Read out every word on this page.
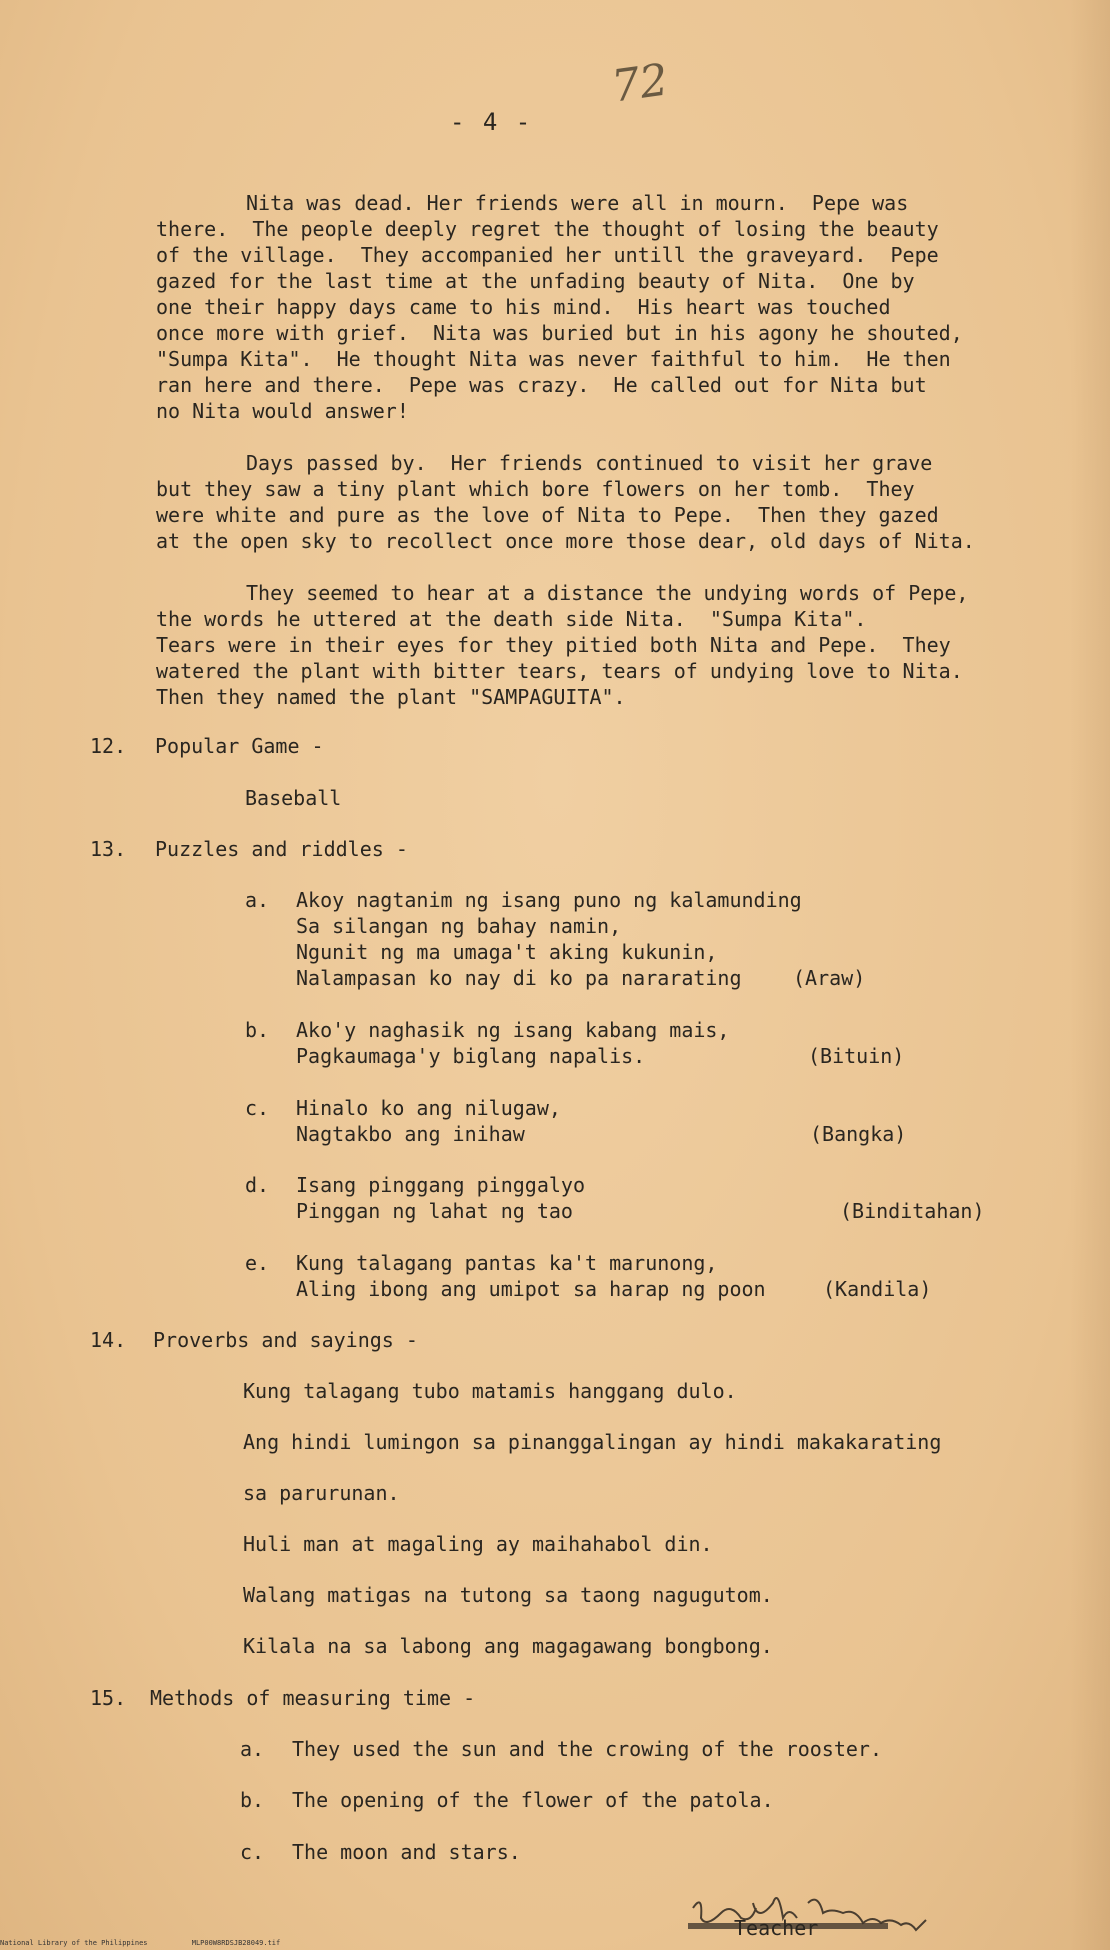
72
- 4 -
Nita was dead. Her friends were all in mourn.  Pepe was
there.  The people deeply regret the thought of losing the beauty
of the village.  They accompanied her untill the graveyard.  Pepe
gazed for the last time at the unfading beauty of Nita.  One by
one their happy days came to his mind.  His heart was touched
once more with grief.  Nita was buried but in his agony he shouted,
"Sumpa Kita".  He thought Nita was never faithful to him.  He then
ran here and there.  Pepe was crazy.  He called out for Nita but
no Nita would answer!
Days passed by.  Her friends continued to visit her grave
but they saw a tiny plant which bore flowers on her tomb.  They
were white and pure as the love of Nita to Pepe.  Then they gazed
at the open sky to recollect once more those dear, old days of Nita.
They seemed to hear at a distance the undying words of Pepe,
the words he uttered at the death side Nita.  "Sumpa Kita".
Tears were in their eyes for they pitied both Nita and Pepe.  They
watered the plant with bitter tears, tears of undying love to Nita.
Then they named the plant "SAMPAGUITA".
12. Popular Game -
Baseball
13. Puzzles and riddles -
a. Akoy nagtanim ng isang puno ng kalamunding
Sa silangan ng bahay namin,
Ngunit ng ma umaga't aking kukunin,
Nalampasan ko nay di ko pa nararating	(Araw)
b. Ako'y naghasik ng isang kabang mais,
Pagkaumaga'y biglang napalis.	(Bituin)
c. Hinalo ko ang nilugaw,
Nagtakbo ang inihaw	(Bangka)
d. Isang pinggang pinggalyo
Pinggan ng lahat ng tao	(Binditahan)
e. Kung talagang pantas ka't marunong,
Aling ibong ang umipot sa harap ng poon	(Kandila)
14. Proverbs and sayings -
Kung talagang tubo matamis hanggang dulo.
Ang hindi lumingon sa pinanggalingan ay hindi makakarating
sa parurunan.
Huli man at magaling ay maihahabol din.
Walang matigas na tutong sa taong nagugutom.
Kilala na sa labong ang magagawang bongbong.
15. Methods of measuring time -
a. They used the sun and the crowing of the rooster.
b. The opening of the flower of the patola.
c. The moon and stars.
Teacher
National Library of the Philippines	MLP00W8RDSJB28049.tif
